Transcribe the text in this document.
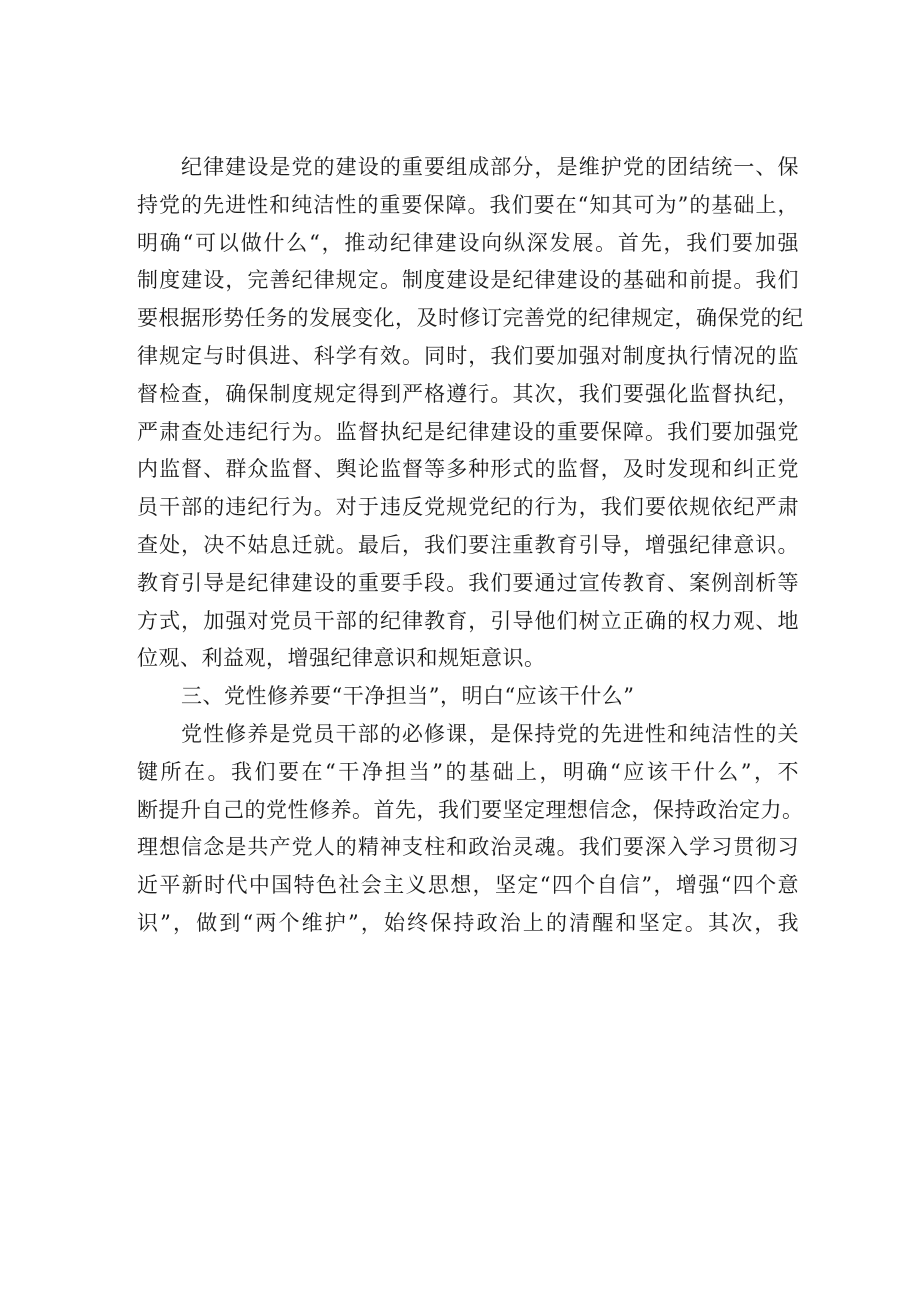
纪律建设是党的建设的重要组成部分，是维护党的团结统一、保
持党的先进性和纯洁性的重要保障。我们要在“知其可为”的基础上，
明确“可以做什么“，推动纪律建设向纵深发展。首先，我们要加强
制度建设，完善纪律规定。制度建设是纪律建设的基础和前提。我们
要根据形势任务的发展变化，及时修订完善党的纪律规定，确保党的纪
律规定与时俱进、科学有效。同时，我们要加强对制度执行情况的监
督检查，确保制度规定得到严格遵行。其次，我们要强化监督执纪，
严肃查处违纪行为。监督执纪是纪律建设的重要保障。我们要加强党
内监督、群众监督、舆论监督等多种形式的监督，及时发现和纠正党
员干部的违纪行为。对于违反党规党纪的行为，我们要依规依纪严肃
查处，决不姑息迁就。最后，我们要注重教育引导，增强纪律意识。
教育引导是纪律建设的重要手段。我们要通过宣传教育、案例剖析等
方式，加强对党员干部的纪律教育，引导他们树立正确的权力观、地
位观、利益观，增强纪律意识和规矩意识。
三、党性修养要“干净担当”，明白“应该干什么”
党性修养是党员干部的必修课，是保持党的先进性和纯洁性的关
键所在。我们要在“干净担当”的基础上，明确“应该干什么”，不
断提升自己的党性修养。首先，我们要坚定理想信念，保持政治定力。
理想信念是共产党人的精神支柱和政治灵魂。我们要深入学习贯彻习
近平新时代中国特色社会主义思想，坚定“四个自信”，增强“四个意
识”，做到“两个维护”，始终保持政治上的清醒和坚定。其次，我
